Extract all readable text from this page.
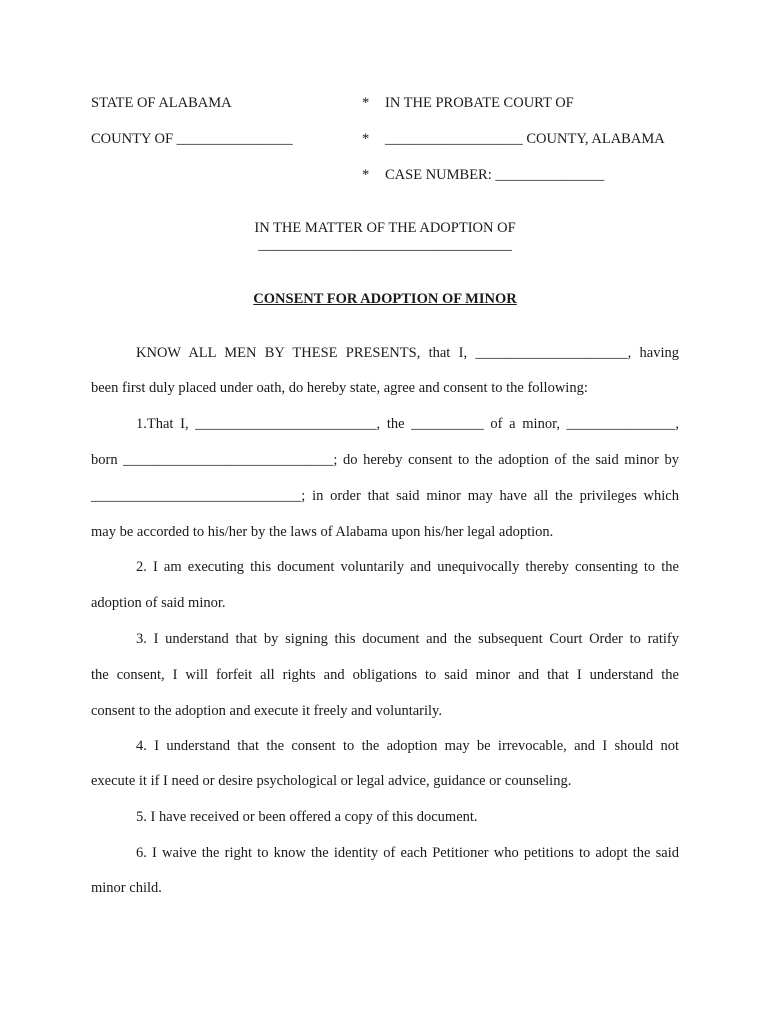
STATE OF ALABAMA	* IN THE PROBATE COURT OF
COUNTY OF ________________	* ___________________ COUNTY, ALABAMA
* CASE NUMBER: _______________
IN THE MATTER OF THE ADOPTION OF
___________________________________
CONSENT FOR ADOPTION OF MINOR
KNOW ALL MEN BY THESE PRESENTS, that I, _____________________, having
been first duly placed under oath, do hereby state, agree and consent to the following:
1.That I, _________________________, the __________ of a minor, _______________,
born _____________________________; do hereby consent to the adoption of the said minor by
_____________________________; in order that said minor may have all the privileges which
may be accorded to his/her by the laws of Alabama upon his/her legal adoption.
2. I am executing this document voluntarily and unequivocally thereby consenting to the
adoption of said minor.
3. I understand that by signing this document and the subsequent Court Order to ratify
the consent, I will forfeit all rights and obligations to said minor and that I understand the
consent to the adoption and execute it freely and voluntarily.
4. I understand that the consent to the adoption may be irrevocable, and I should not
execute it if I need or desire psychological or legal advice, guidance or counseling.
5. I have received or been offered a copy of this document.
6. I waive the right to know the identity of each Petitioner who petitions to adopt the said
minor child.
